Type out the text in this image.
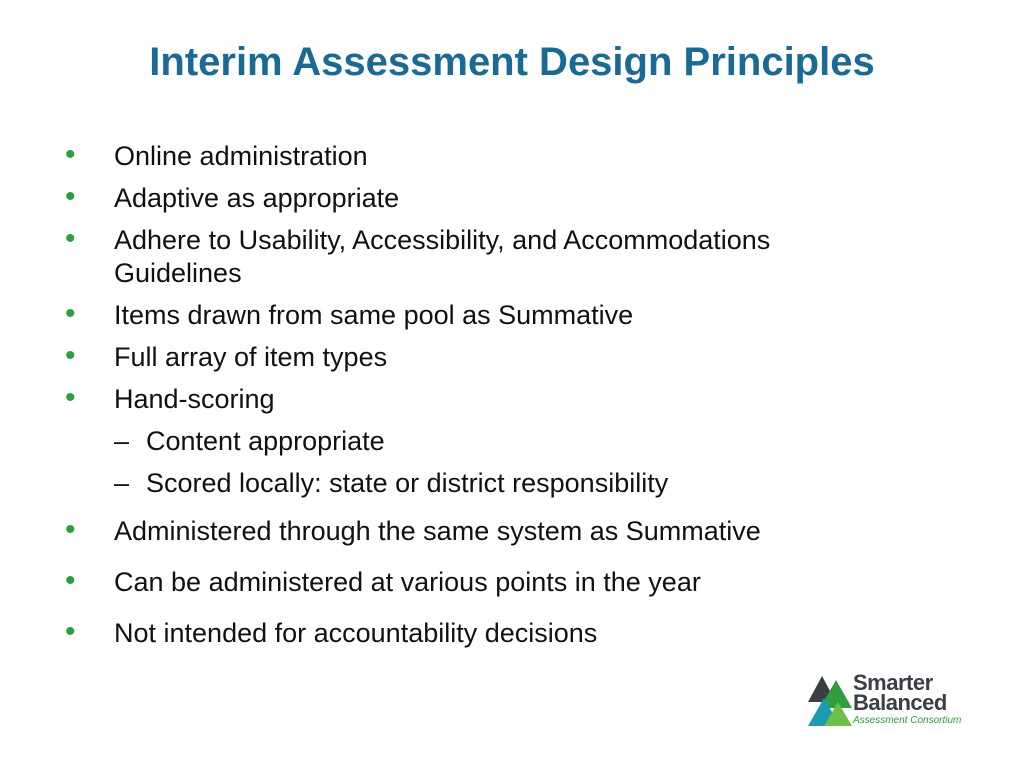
Interim Assessment Design Principles
• Online administration
• Adaptive as appropriate
• Adhere to Usability, Accessibility, and Accommodations Guidelines
• Items drawn from same pool as Summative
• Full array of item types
• Hand-scoring
– Content appropriate
– Scored locally: state or district responsibility
• Administered through the same system as Summative
• Can be administered at various points in the year
• Not intended for accountability decisions
Smarter
Balanced
Assessment Consortium
